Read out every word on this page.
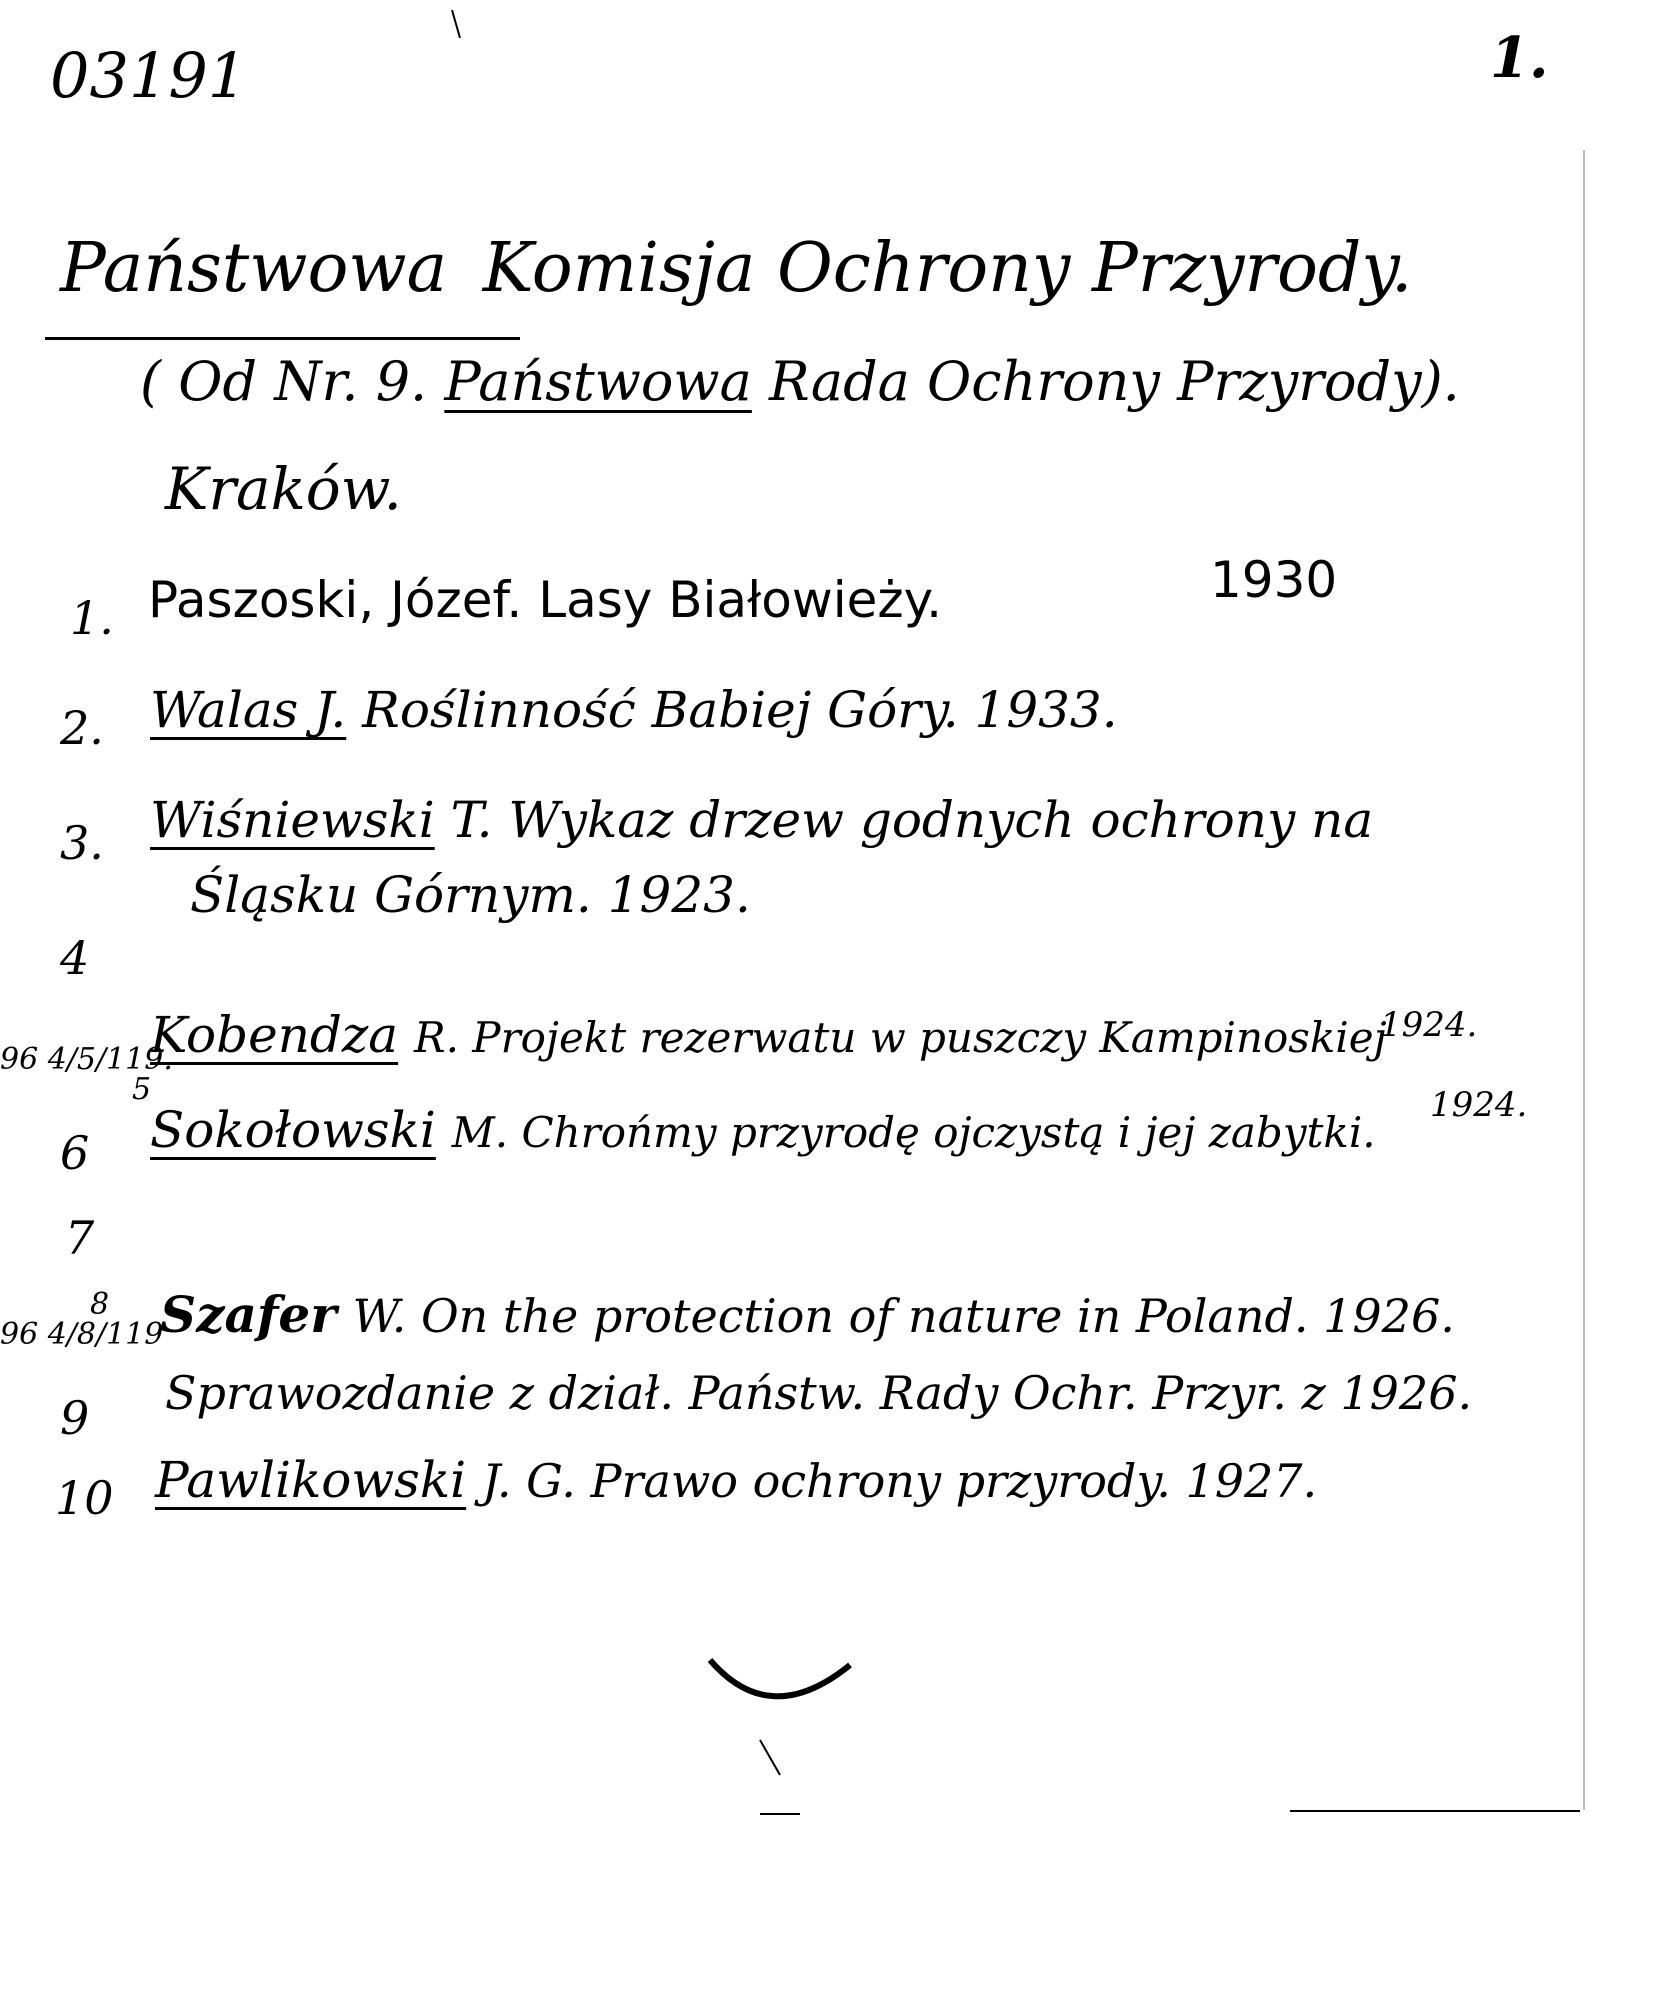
03191	1.
Państwowa Komisja Ochrony Przyrody.
( Od Nr. 9. Państwowa Rada Ochrony Przyrody).
Kraków.
1. Paszoski, Józef. Lasy Białowieży.	1930
2. Walas J. Roślinność Babiej Góry. 1933.
3. Wiśniewski T. Wykaz drzew godnych ochrony na
Śląsku Górnym. 1923.
4
96 4/5/119.
5
Kobendza R. Projekt rezerwatu w puszczy Kampinoskiej
1924.
6 Sokołowski M. Chrońmy przyrodę ojczystą i jej zabytki.
1924.
7
96 4/8/119
8 Szafer W. On the protection of nature in Poland. 1926.
9 Sprawozdanie z dział. Państw. Rady Ochr. Przyr. z 1926.
10 Pawlikowski J. G. Prawo ochrony przyrody. 1927.
